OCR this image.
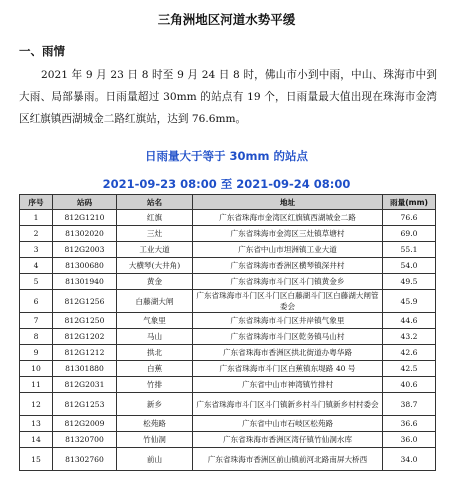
三角洲地区河道水势平缓
一、雨情
2021 年 9 月 23 日 8 时至 9 月 24 日 8 时，佛山市小到中雨，中山、珠海市中到大雨、局部暴雨。日雨量超过 30mm 的站点有 19 个，日雨量最大值出现在珠海市金湾区红旗镇西湖城金二路红旗站，达到 76.6mm。
日雨量大于等于 30mm 的站点
2021-09-23 08:00 至 2021-09-24 08:00
序号	站码	站名	地址	雨量(mm)
1	812G1210	红旗	广东省珠海市金湾区红旗镇西湖城金二路	76.6
2	81302020	三灶	广东省珠海市金湾区三灶镇草塘村	69.0
3	812G2003	工业大道	广东省中山市坦洲镇工业大道	55.1
4	81300680	大横琴(大井角)	广东省珠海市香洲区横琴镇深井村	54.0
5	81301940	黄金	广东省珠海市斗门区斗门镇黄金乡	49.5
6	812G1256	白藤湖大闸	广东省珠海市斗门区斗门区白藤湖斗门区白藤湖大闸管委会	45.9
7	812G1250	气象里	广东省珠海市斗门区井岸镇气象里	44.6
8	812G1202	马山	广东省珠海市斗门区乾务镇马山村	43.2
9	812G1212	拱北	广东省珠海市香洲区拱北街道办粤华路	42.6
10	81301880	白蕉	广东省珠海市斗门区白蕉镇东堤路 40 号	42.5
11	812G2031	竹排	广东省中山市神湾镇竹排村	40.6
12	812G1253	新乡	广东省珠海市斗门区斗门镇新乡村斗门镇新乡村村委会	38.7
13	812G2009	松苑路	广东省中山市石岐区松苑路	36.6
14	81320700	竹仙洞	广东省珠海市香洲区湾仔镇竹仙洞水库	36.0
15	81302760	前山	广东省珠海市香洲区前山镇前河北路南屏大桥西	34.0
